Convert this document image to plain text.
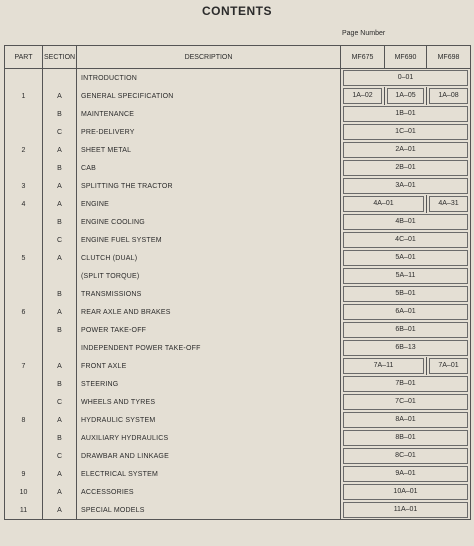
CONTENTS
Page Number
PART	SECTION	DESCRIPTION	MF675	MF690	MF698
		INTRODUCTION	0–01		

1	A	GENERAL SPECIFICATION	1A–02	1A–05	1A–08

	B	MAINTENANCE	1B–01		

	C	PRE-DELIVERY	1C–01		

2	A	SHEET METAL	2A–01		

	B	CAB	2B–01		

3	A	SPLITTING THE TRACTOR	3A–01		

4	A	ENGINE	4A–01		4A–31

	B	ENGINE COOLING	4B–01		

	C	ENGINE FUEL SYSTEM	4C–01		

5	A	CLUTCH (DUAL)	5A–01		

		(SPLIT TORQUE)	5A–11		

	B	TRANSMISSIONS	5B–01		

6	A	REAR AXLE AND BRAKES	6A–01		

	B	POWER TAKE-OFF	6B–01		

		INDEPENDENT POWER TAKE-OFF	6B–13		

7	A	FRONT AXLE	7A–11		7A–01

	B	STEERING	7B–01		

	C	WHEELS AND TYRES	7C–01		

8	A	HYDRAULIC SYSTEM	8A–01		

	B	AUXILIARY HYDRAULICS	8B–01		

	C	DRAWBAR AND LINKAGE	8C–01		

9	A	ELECTRICAL SYSTEM	9A–01		

10	A	ACCESSORIES	10A–01		

11	A	SPECIAL MODELS	11A–01		
